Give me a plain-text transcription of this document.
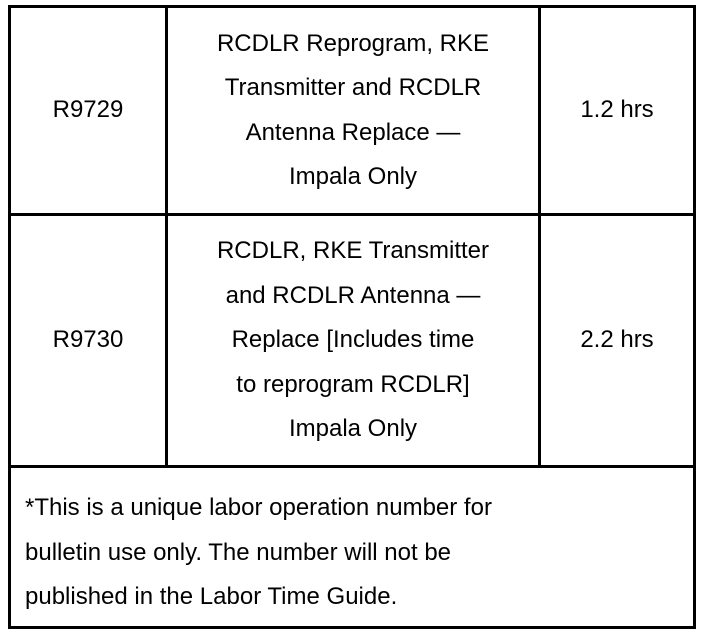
R9729
RCDLR Reprogram, RKE
Transmitter and RCDLR
Antenna Replace —
Impala Only
1.2 hrs
R9730
RCDLR, RKE Transmitter
and RCDLR Antenna —
Replace [Includes time
to reprogram RCDLR]
Impala Only
2.2 hrs
*This is a unique labor operation number for
bulletin use only. The number will not be
published in the Labor Time Guide.
